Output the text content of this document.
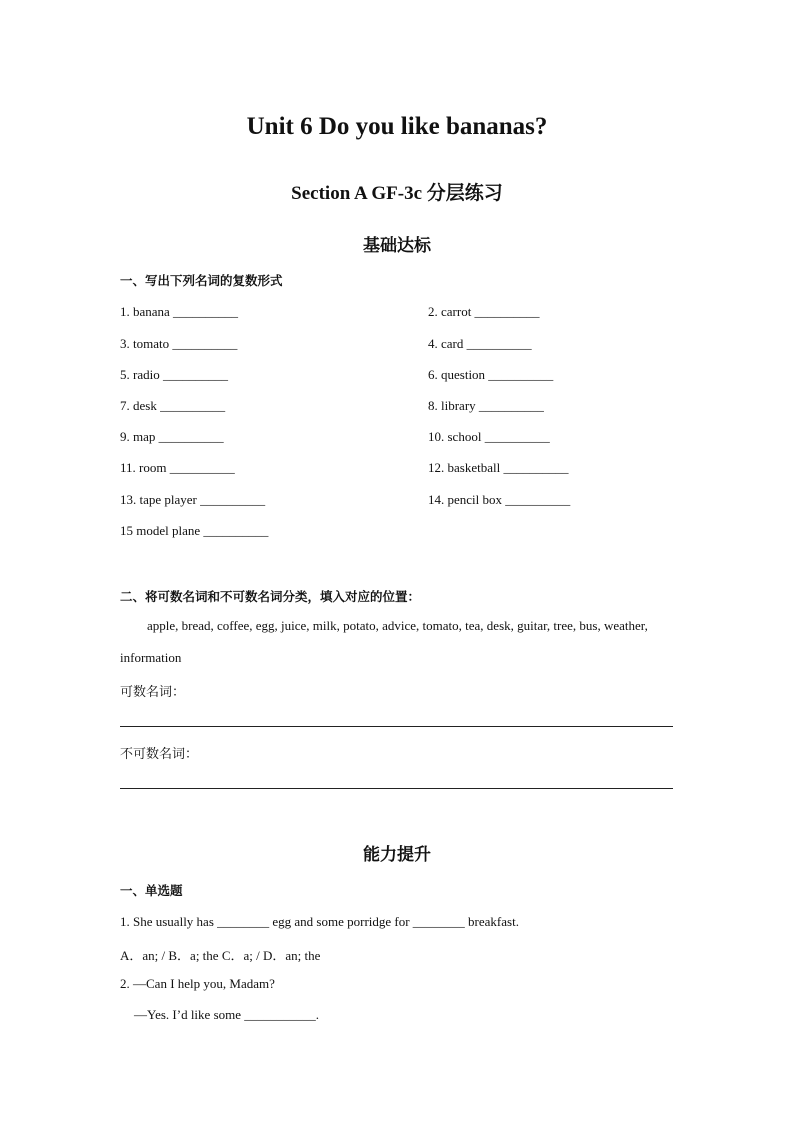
Unit 6 Do you like bananas?
Section A GF-3c 分层练习
基础达标
一、写出下列名词的复数形式
1. banana __________	2. carrot __________
3. tomato __________	4. card __________
5. radio __________	6. question __________
7. desk __________	8. library __________
9. map __________	10. school __________
11. room __________	12. basketball __________
13. tape player __________	14. pencil box __________
15 model plane __________
二、将可数名词和不可数名词分类，填入对应的位置：
apple, bread, coffee, egg, juice, milk, potato, advice, tomato, tea, desk, guitar, tree, bus, weather,
information
可数名词：
不可数名词：
能力提升
一、单选题
1. She usually has ________ egg and some porridge for ________ breakfast.
A．an; / B．a; the C．a; / D．an; the
2. —Can I help you, Madam?
—Yes. I’d like some ___________.
